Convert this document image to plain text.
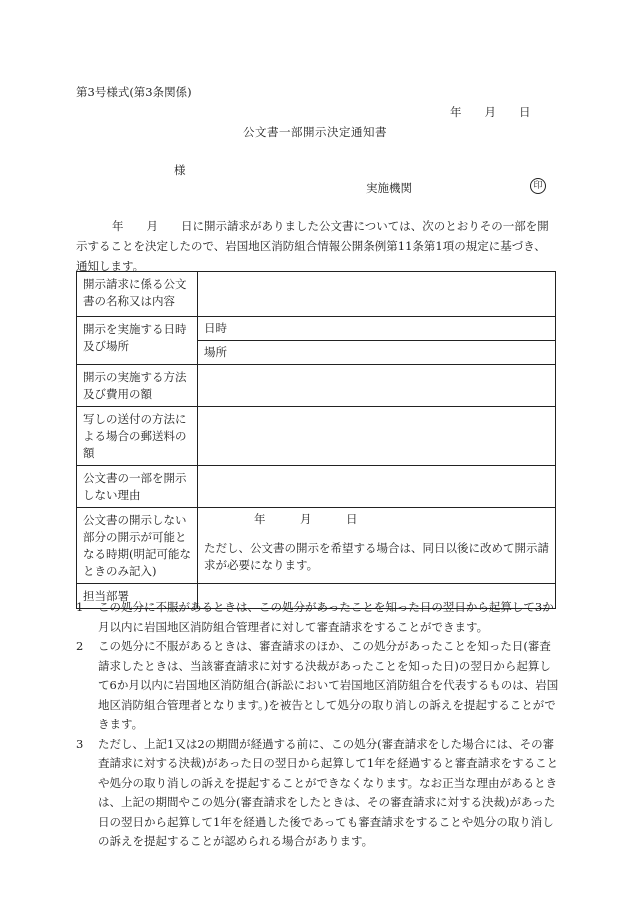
第3号様式(第3条関係)
年　　月　　日
公文書一部開示決定通知書
様
実施機関	印
年　　月　　日に開示請求がありました公文書については、次のとおりその一部を開示することを決定したので、岩国地区消防組合情報公開条例第11条第1項の規定に基づき、通知します。
開示請求に係る公文書の名称又は内容	
開示を実施する日時及び場所	日時
	場所
開示の実施する方法及び費用の額	
写しの送付の方法による場合の郵送料の額	
公文書の一部を開示しない理由	
公文書の開示しない部分の開示が可能となる時期(明記可能なときのみ記入)	年　　　月　　　日
ただし、公文書の開示を希望する場合は、同日以後に改めて開示請求が必要になります。

担当部署	
1	この処分に不服があるときは、この処分があったことを知った日の翌日から起算して3か月以内に岩国地区消防組合管理者に対して審査請求をすることができます。
2	この処分に不服があるときは、審査請求のほか、この処分があったことを知った日(審査請求したときは、当該審査請求に対する決裁があったことを知った日)の翌日から起算して6か月以内に岩国地区消防組合(訴訟において岩国地区消防組合を代表するものは、岩国地区消防組合管理者となります。)を被告として処分の取り消しの訴えを提起することができます。
3	ただし、上記1又は2の期間が経過する前に、この処分(審査請求をした場合には、その審査請求に対する決裁)があった日の翌日から起算して1年を経過すると審査請求をすることや処分の取り消しの訴えを提起することができなくなります。なお正当な理由があるときは、上記の期間やこの処分(審査請求をしたときは、その審査請求に対する決裁)があった日の翌日から起算して1年を経過した後であっても審査請求をすることや処分の取り消しの訴えを提起することが認められる場合があります。
